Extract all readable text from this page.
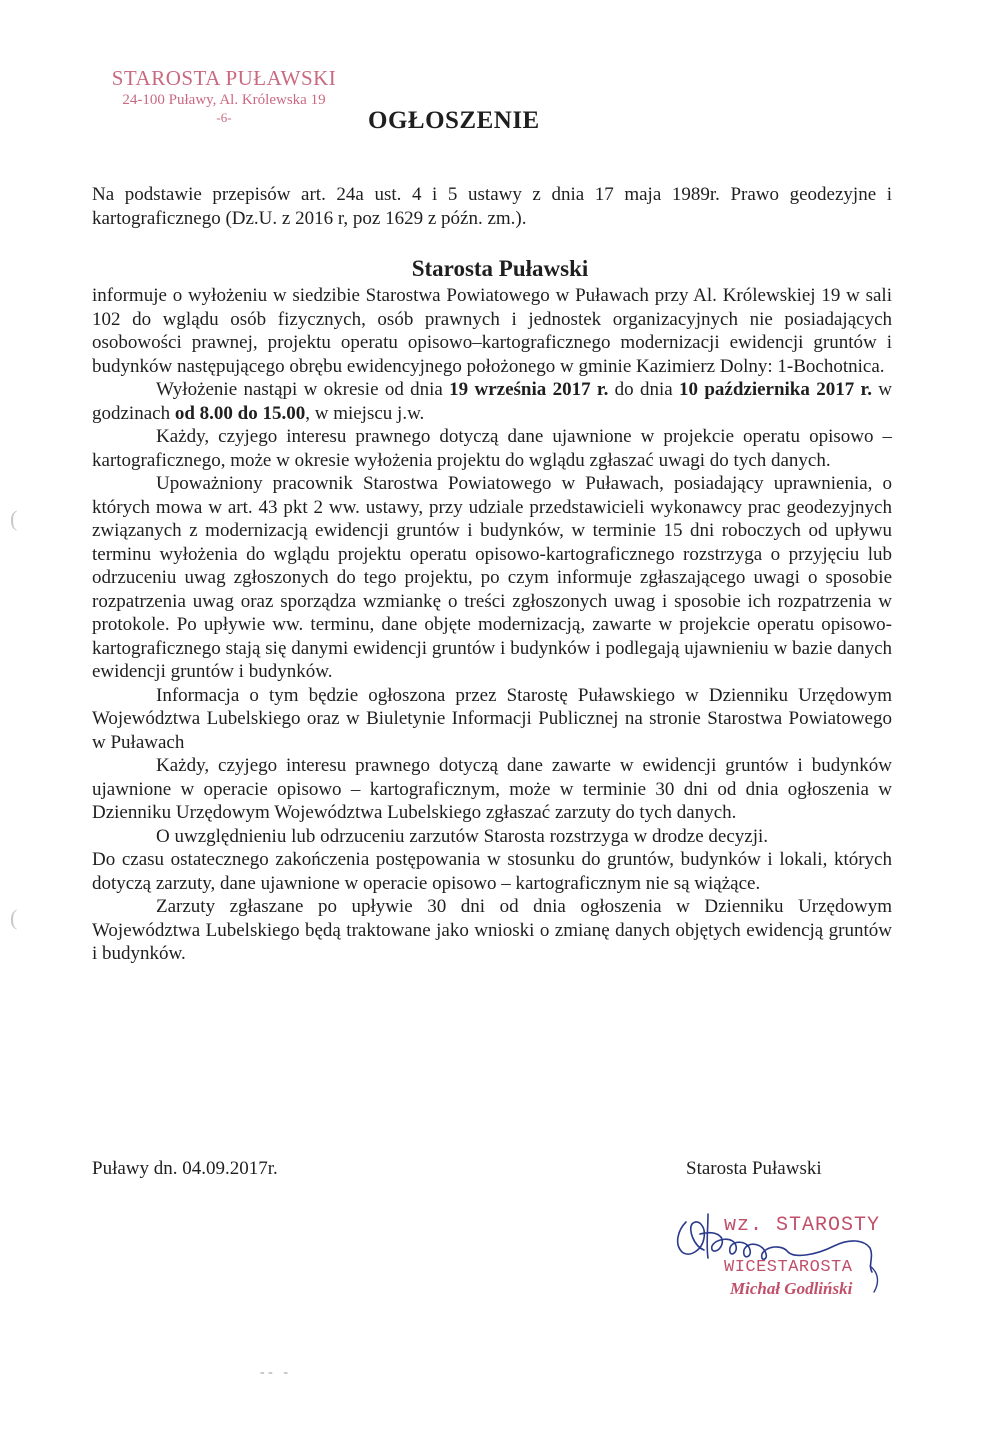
STAROSTA PUŁAWSKI
24-100 Puławy, Al. Królewska 19
-6-	OGŁOSZENIE
Na podstawie przepisów art. 24a ust. 4 i 5 ustawy z dnia 17 maja 1989r. Prawo geodezyjne i kartograficznego (Dz.U. z 2016 r, poz 1629 z późn. zm.).
Starosta Puławski

informuje o wyłożeniu w siedzibie Starostwa Powiatowego w Puławach przy Al. Królewskiej 19 w sali 102 do wglądu osób fizycznych, osób prawnych i jednostek organizacyjnych nie posiadających osobowości prawnej, projektu operatu opisowo–kartograficznego modernizacji ewidencji gruntów i budynków następującego obrębu ewidencyjnego położonego w gminie Kazimierz Dolny: 1-Bochotnica.

Wyłożenie nastąpi w okresie od dnia 19 września 2017 r. do dnia 10 października 2017 r. w godzinach od 8.00 do 15.00, w miejscu j.w.

Każdy, czyjego interesu prawnego dotyczą dane ujawnione w projekcie operatu opisowo – kartograficznego, może w okresie wyłożenia projektu do wglądu zgłaszać uwagi do tych danych.

Upoważniony pracownik Starostwa Powiatowego w Puławach, posiadający uprawnienia, o których mowa w art. 43 pkt 2 ww. ustawy, przy udziale przedstawicieli wykonawcy prac geodezyjnych związanych z modernizacją ewidencji gruntów i budynków, w terminie 15 dni roboczych od upływu terminu wyłożenia do wglądu projektu operatu opisowo-kartograficznego rozstrzyga o przyjęciu lub odrzuceniu uwag zgłoszonych do tego projektu, po czym informuje zgłaszającego uwagi o sposobie rozpatrzenia uwag oraz sporządza wzmiankę o treści zgłoszonych uwag i sposobie ich rozpatrzenia w protokole. Po upływie ww. terminu, dane objęte modernizacją, zawarte w projekcie operatu opisowo-kartograficznego stają się danymi ewidencji gruntów i budynków i podlegają ujawnieniu w bazie danych ewidencji gruntów i budynków.

Informacja o tym będzie ogłoszona przez Starostę Puławskiego w Dzienniku Urzędowym Województwa Lubelskiego oraz w Biuletynie Informacji Publicznej na stronie Starostwa Powiatowego w Puławach

Każdy, czyjego interesu prawnego dotyczą dane zawarte w ewidencji gruntów i budynków ujawnione w operacie opisowo – kartograficznym, może w terminie 30 dni od dnia ogłoszenia w Dzienniku Urzędowym Województwa Lubelskiego zgłaszać zarzuty do tych danych.

O uwzględnieniu lub odrzuceniu zarzutów Starosta rozstrzyga w drodze decyzji.

Do czasu ostatecznego zakończenia postępowania w stosunku do gruntów, budynków i lokali, których dotyczą zarzuty, dane ujawnione w operacie opisowo – kartograficznym nie są wiążące.

Zarzuty zgłaszane po upływie 30 dni od dnia ogłoszenia w Dzienniku Urzędowym Województwa Lubelskiego będą traktowane jako wnioski o zmianę danych objętych ewidencją gruntów i budynków.

Puławy dn. 04.09.2017r.	Starosta Puławski
wz. STAROSTY
WICESTAROSTA
Michał Godliński
(
(
‐ ‐   -
